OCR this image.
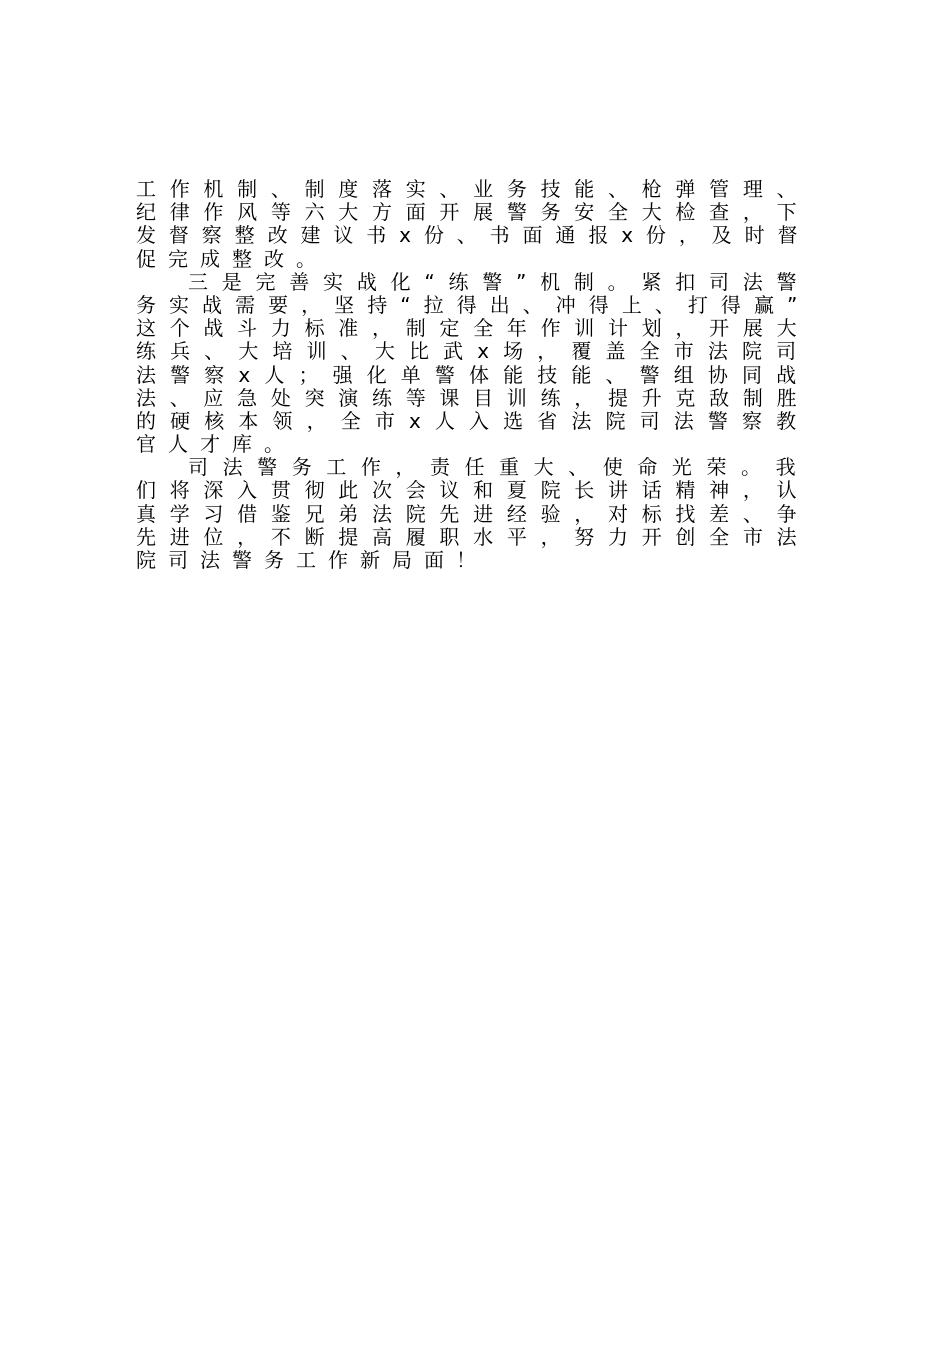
工作机制、制度落实、业务技能、枪弹管理、
纪律作风等六大方面开展警务安全大检查，下
发督察整改建议书x份、书面通报x份，及时督
促完成整改。
三是完善实战化“练警”机制。紧扣司法警
务实战需要，坚持“拉得出、冲得上、打得赢”
这个战斗力标准，制定全年作训计划，开展大
练兵、大培训、大比武x场，覆盖全市法院司
法警察x人；强化单警体能技能、警组协同战
法、应急处突演练等课目训练，提升克敌制胜
的硬核本领，全市x人入选省法院司法警察教
官人才库。
司法警务工作，责任重大、使命光荣。我
们将深入贯彻此次会议和夏院长讲话精神，认
真学习借鉴兄弟法院先进经验，对标找差、争
先进位，不断提高履职水平，努力开创全市法
院司法警务工作新局面！
